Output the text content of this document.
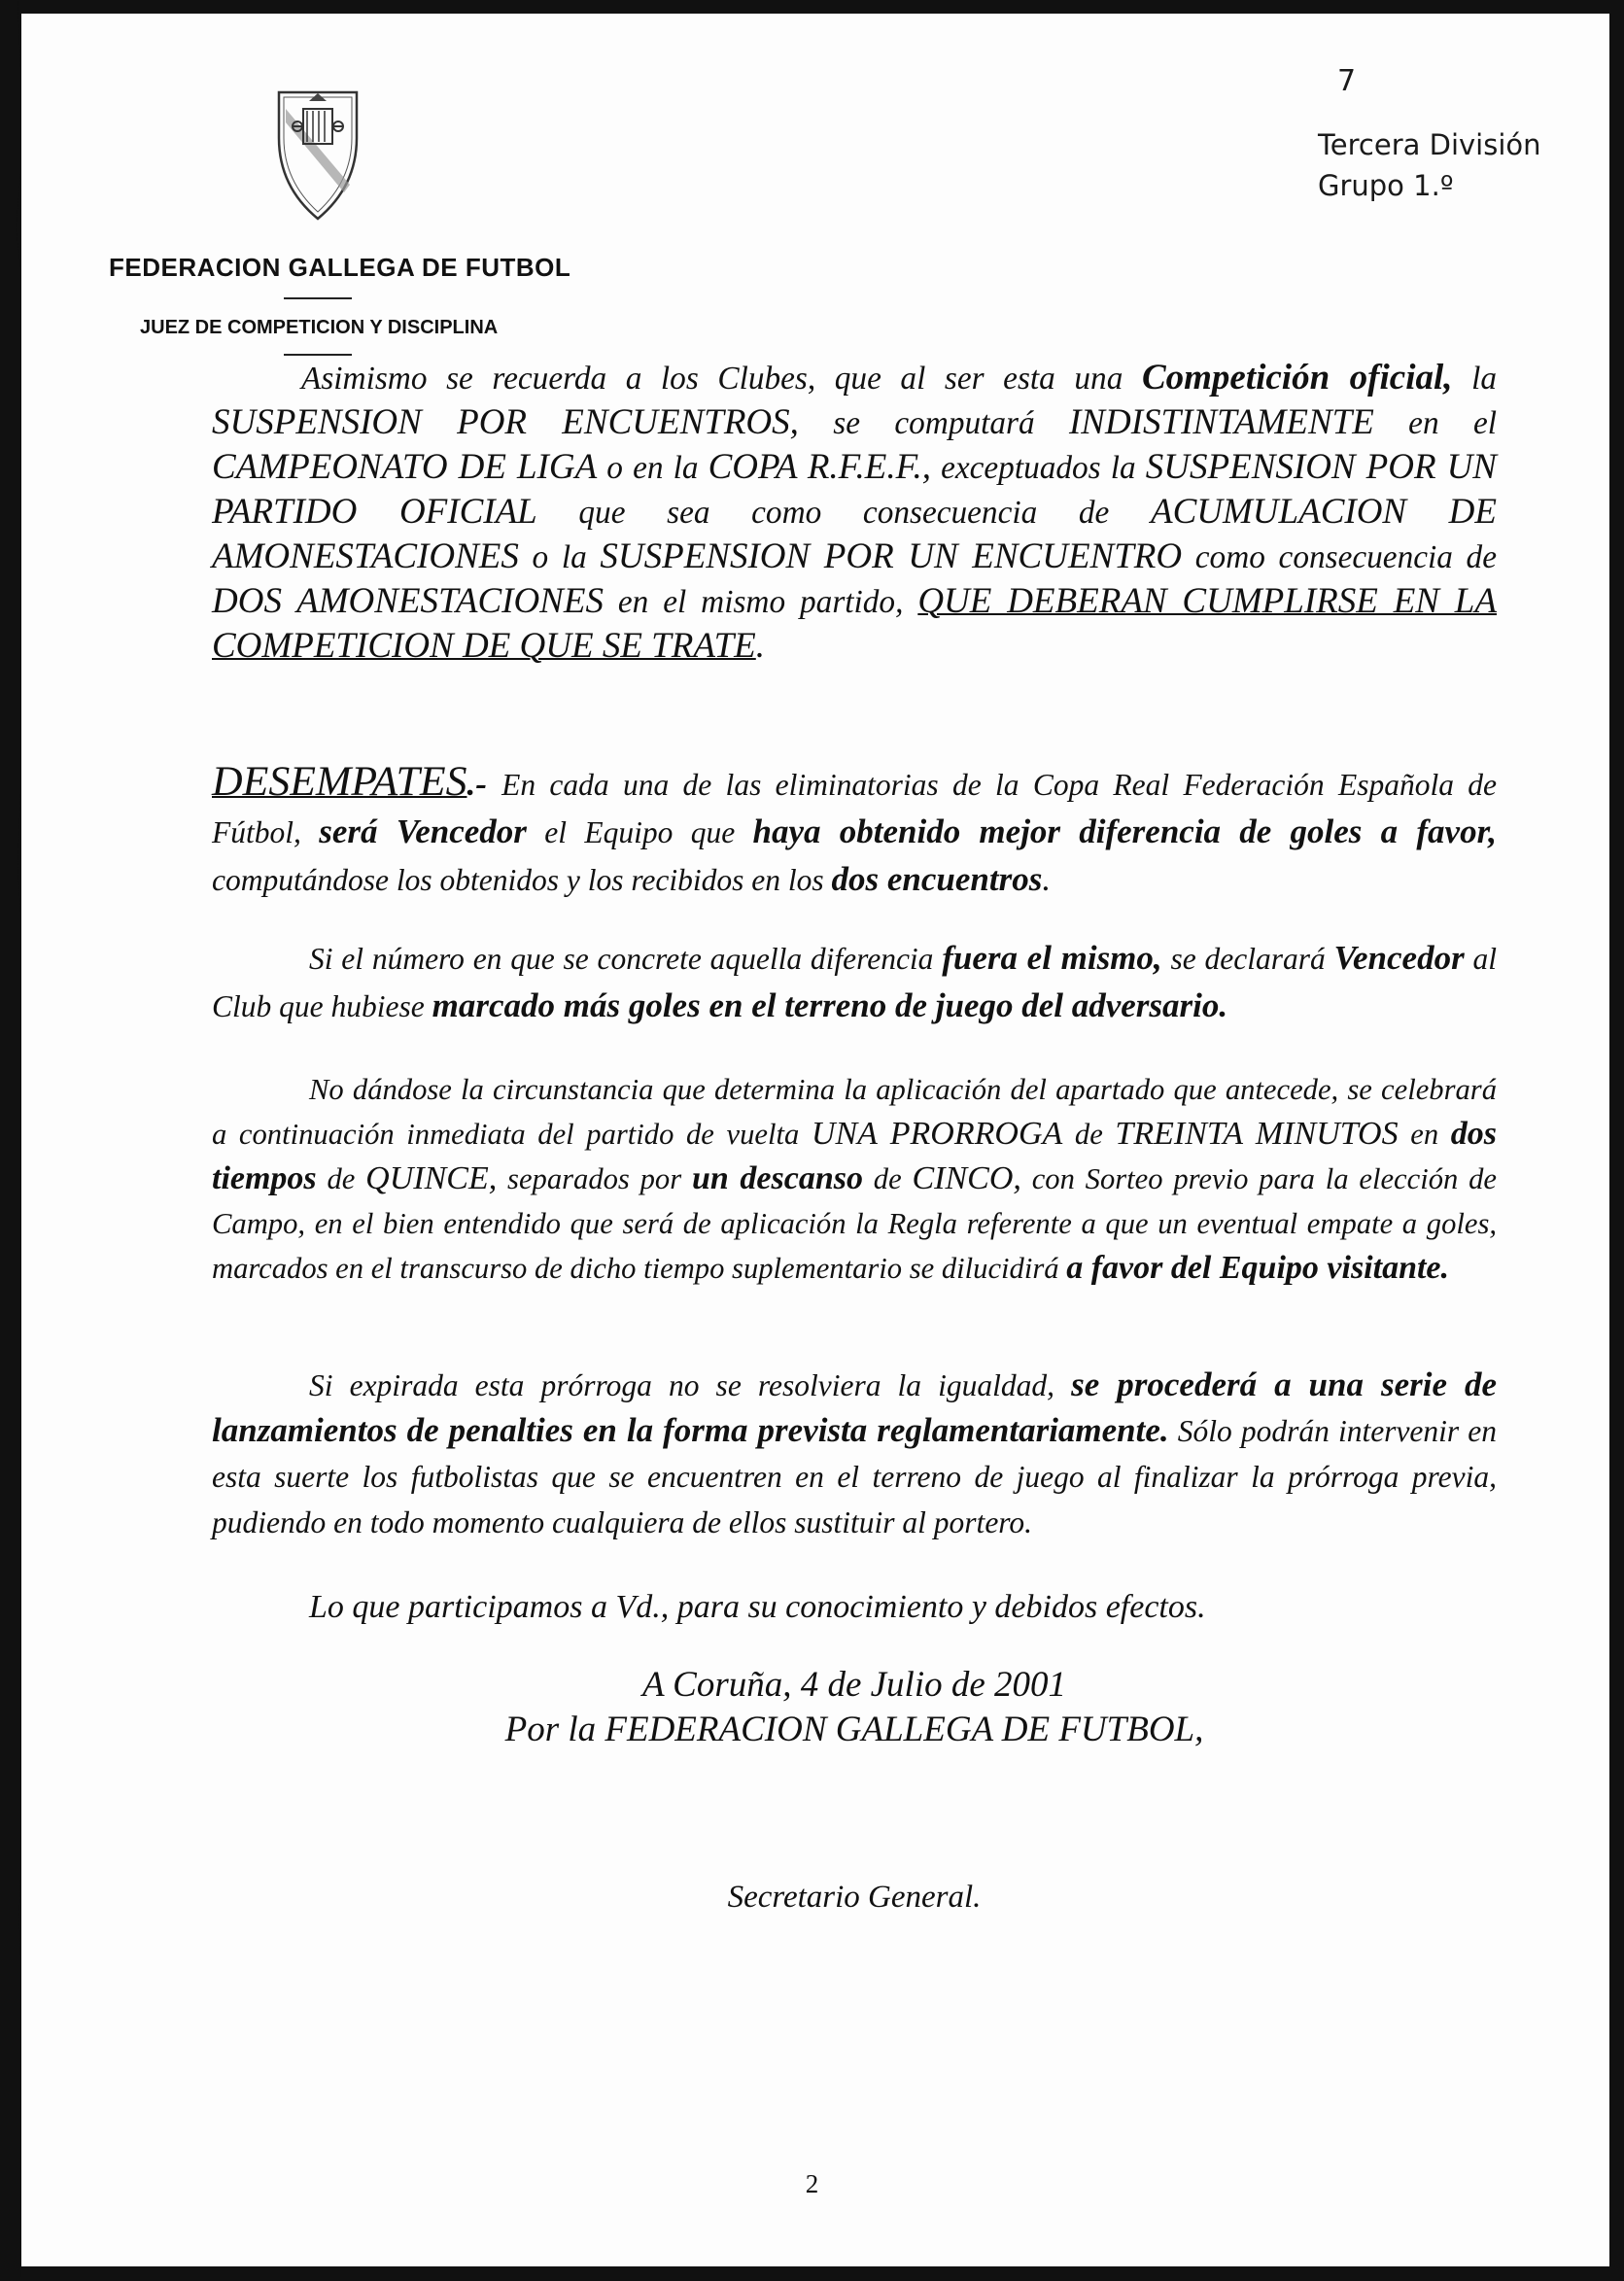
7
Tercera División
Grupo 1.º
FEDERACION GALLEGA DE FUTBOL
JUEZ DE COMPETICION Y DISCIPLINA
Asimismo se recuerda a los Clubes, que al ser esta una Competición oficial, la SUSPENSION POR ENCUENTROS, se computará INDISTINTAMENTE en el CAMPEONATO DE LIGA o en la COPA R.F.E.F., exceptuados la SUSPENSION POR UN PARTIDO OFICIAL que sea como consecuencia de ACUMULACION DE AMONESTACIONES o la SUSPENSION POR UN ENCUENTRO como consecuencia de DOS AMONESTACIONES en el mismo partido, QUE DEBERAN CUMPLIRSE EN LA COMPETICION DE QUE SE TRATE.
DESEMPATES.- En cada una de las eliminatorias de la Copa Real Federación Española de Fútbol, será Vencedor el Equipo que haya obtenido mejor diferencia de goles a favor, computándose los obtenidos y los recibidos en los dos encuentros.
Si el número en que se concrete aquella diferencia fuera el mismo, se declarará Vencedor al Club que hubiese marcado más goles en el terreno de juego del adversario.
No dándose la circunstancia que determina la aplicación del apartado que antecede, se celebrará a continuación inmediata del partido de vuelta UNA PRORROGA de TREINTA MINUTOS en dos tiempos de QUINCE, separados por un descanso de CINCO, con Sorteo previo para la elección de Campo, en el bien entendido que será de aplicación la Regla referente a que un eventual empate a goles, marcados en el transcurso de dicho tiempo suplementario se dilucidirá a favor del Equipo visitante.
Si expirada esta prórroga no se resolviera la igualdad, se procederá a una serie de lanzamientos de penalties en la forma prevista reglamentariamente. Sólo podrán intervenir en esta suerte los futbolistas que se encuentren en el terreno de juego al finalizar la prórroga previa, pudiendo en todo momento cualquiera de ellos sustituir al portero.
Lo que participamos a Vd., para su conocimiento y debidos efectos.
A Coruña, 4 de Julio de 2001
Por la FEDERACION GALLEGA DE FUTBOL,
Secretario General.
2
